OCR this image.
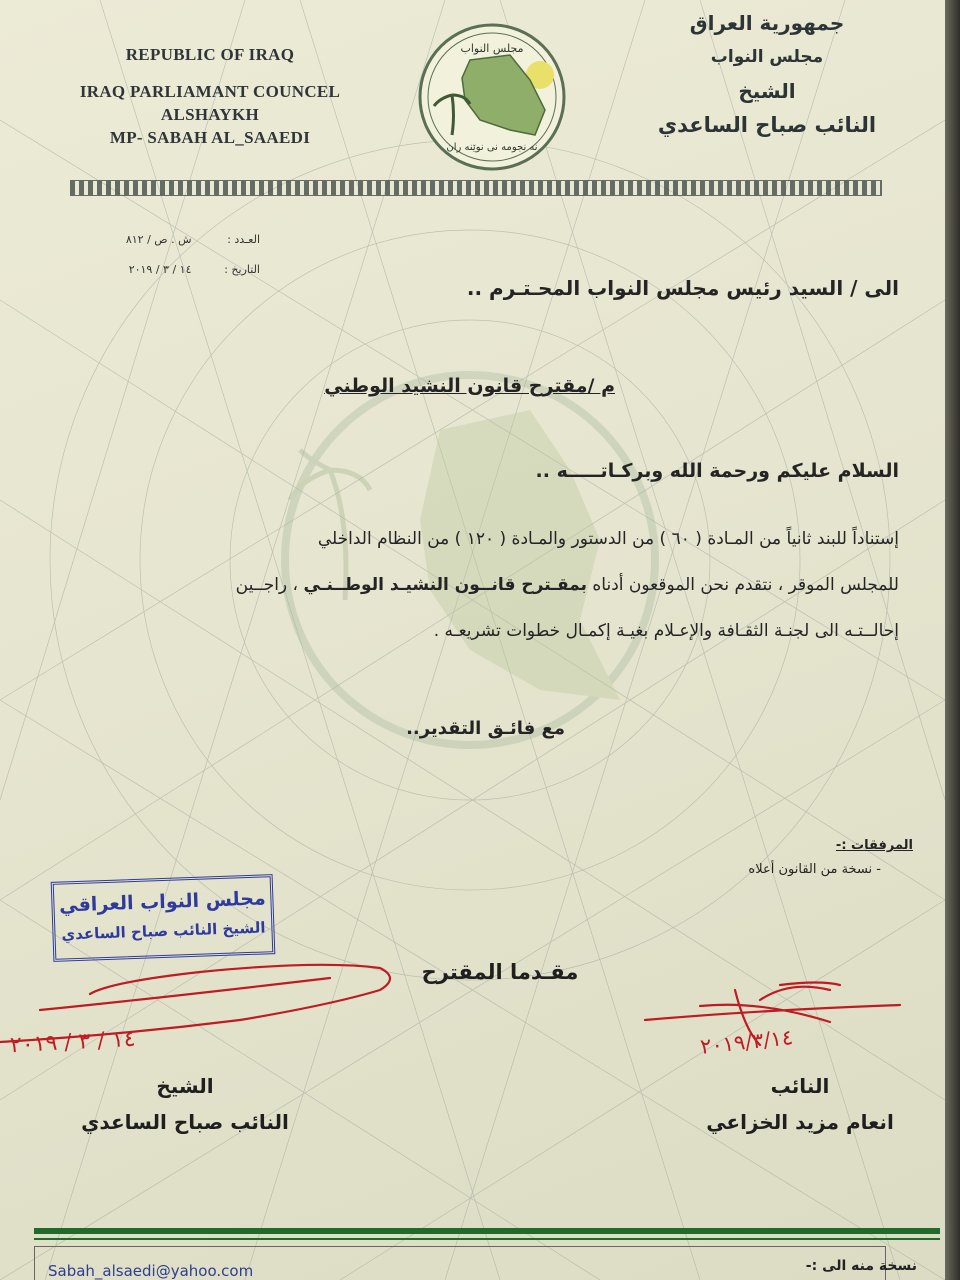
مجلس النواب
نه نجومه نى نوێنه ران
REPUBLIC OF IRAQ
IRAQ PARLIAMANT COUNCEL
ALSHAYKH
MP- SABAH AL_SAAEDI
جمهورية العراق
مجلس النواب
الشيخ
النائب صباح الساعدي
العـدد : ش . ص / ٨١٢
التاريخ : ١٤ / ٣ / ٢٠١٩
الى / السيد رئيس مجلس النواب المحـتـرم ..
م /مقترح قانون النشيد الوطني
السلام عليكم ورحمة الله وبركـاتـــــه ..
إستناداً للبند ثانياً من المـادة ( ٦٠ ) من الدستور والمـادة ( ١٢٠ ) من النظام الداخلي
للمجلس الموقر ، نتقدم نحن الموقعون أدناه بمقـترح قانــون النشيـد الوطــنـي ، راجــين
إحالــتـه الى لجنـة الثقـافة والإعـلام بغيـة إكمـال خطوات تشريعـه .
مع فائـق التقدير..
المرفقات :-
- نسخة من القانون أعلاه
مجلس النواب العراقي
الشيخ النائب صباح الساعدي
مقـدما المقترح
١٤ / ٣ / ٢٠١٩	٢٠١٩/٣/١٤
الشيخ
النائب صباح الساعدي
النائب
انعام مزيد الخزاعي
Sabah_alsaedi@yahoo.com	نسخة منه الى :-
